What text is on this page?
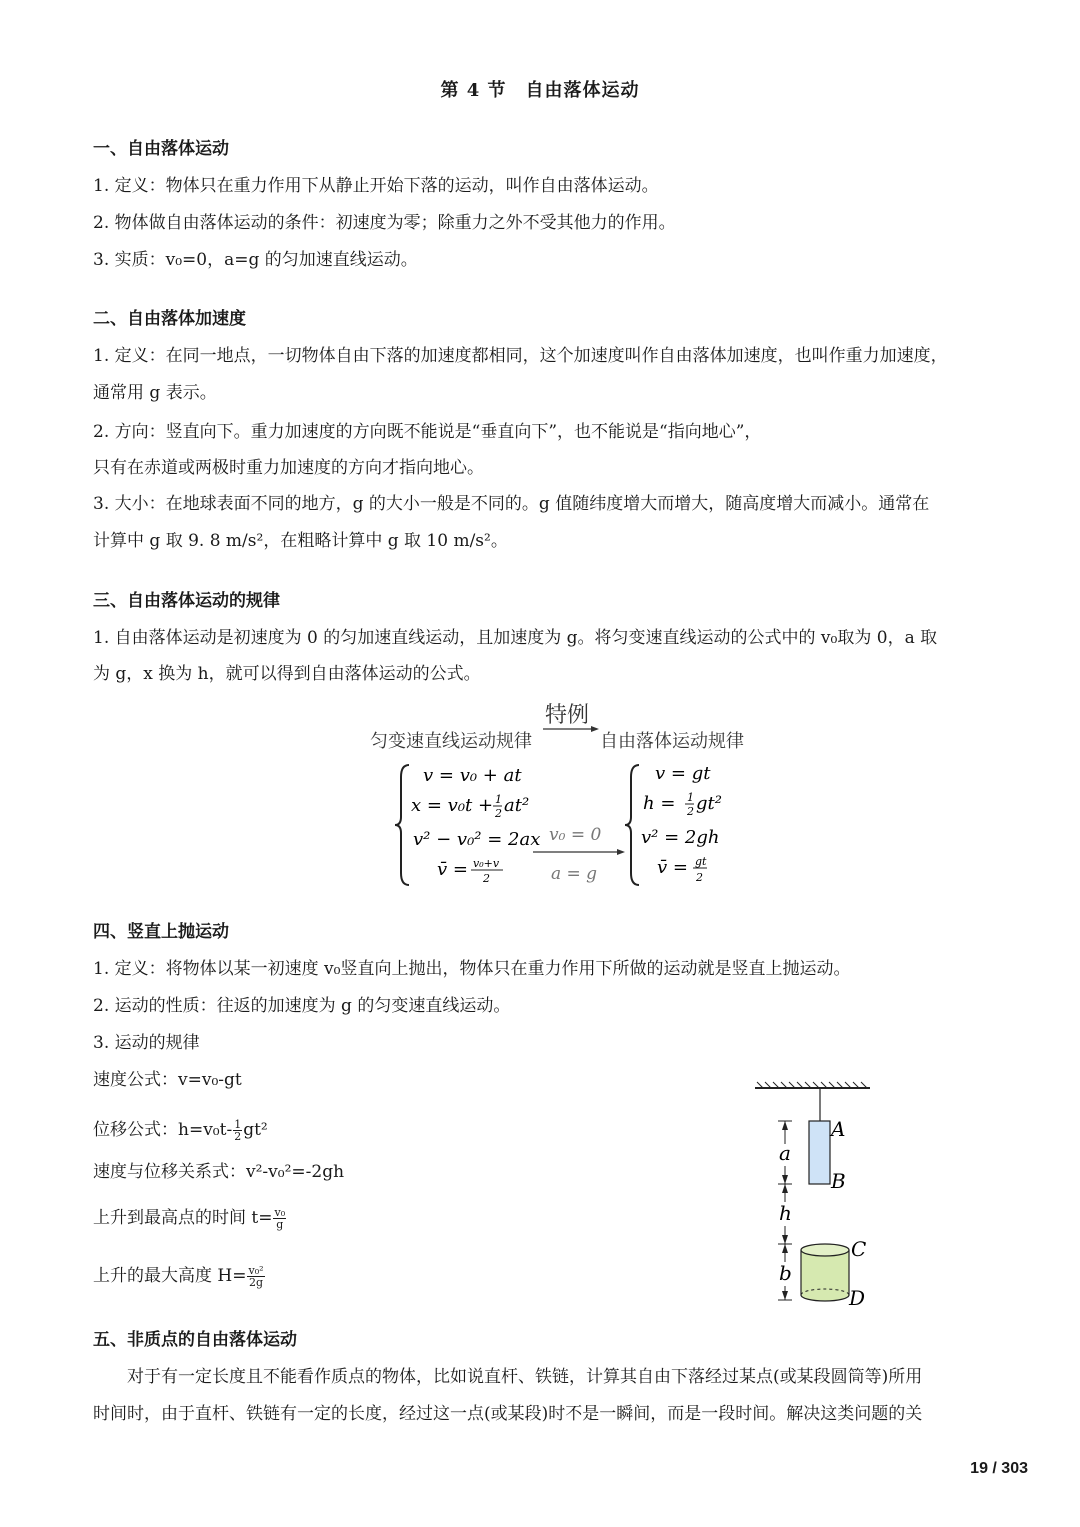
第 4 节　自由落体运动
一、自由落体运动
1. 定义：物体只在重力作用下从静止开始下落的运动，叫作自由落体运动。
2. 物体做自由落体运动的条件：初速度为零；除重力之外不受其他力的作用。
3. 实质：v₀=0，a=g 的匀加速直线运动。
二、自由落体加速度
1. 定义：在同一地点，一切物体自由下落的加速度都相同，这个加速度叫作自由落体加速度，也叫作重力加速度，
通常用 g 表示。
2. 方向：竖直向下。重力加速度的方向既不能说是“垂直向下”，也不能说是“指向地心”，
只有在赤道或两极时重力加速度的方向才指向地心。
3. 大小：在地球表面不同的地方，g 的大小一般是不同的。g 值随纬度增大而增大，随高度增大而减小。通常在
计算中 g 取 9. 8 m/s²，在粗略计算中 g 取 10 m/s²。
三、自由落体运动的规律
1. 自由落体运动是初速度为 0 的匀加速直线运动，且加速度为 g。将匀变速直线运动的公式中的 v₀取为 0，a 取
为 g，x 换为 h，就可以得到自由落体运动的公式。
特例
匀变速直线运动规律	自由落体运动规律
v = v₀ + at
x = v₀t + 1
2 at²
v² − v₀² = 2ax
v̄ = v₀+v
2
v₀ = 0
a = g
v = gt
h = 1
2 gt²
v² = 2gh
v̄ = gt
2
四、竖直上抛运动
1. 定义：将物体以某一初速度 v₀竖直向上抛出，物体只在重力作用下所做的运动就是竖直上抛运动。
2. 运动的性质：往返的加速度为 g 的匀变速直线运动。
3. 运动的规律
速度公式：v=v₀-gt
位移公式：$h=v_0t- \frac{1}{2} gt^2$
速度与位移关系式：v²-v₀²=-2gh
上升到最高点的时间 $t= \frac{\text{v₀}}{g}$
上升的最大高度 $H= \frac{\text{v₀²}}{2g}$
A
B
a
h
b
C
D
五、非质点的自由落体运动
　　对于有一定长度且不能看作质点的物体，比如说直杆、铁链，计算其自由下落经过某点(或某段圆筒等)所用
时间时，由于直杆、铁链有一定的长度，经过这一点(或某段)时不是一瞬间，而是一段时间。解决这类问题的关
19 / 303
